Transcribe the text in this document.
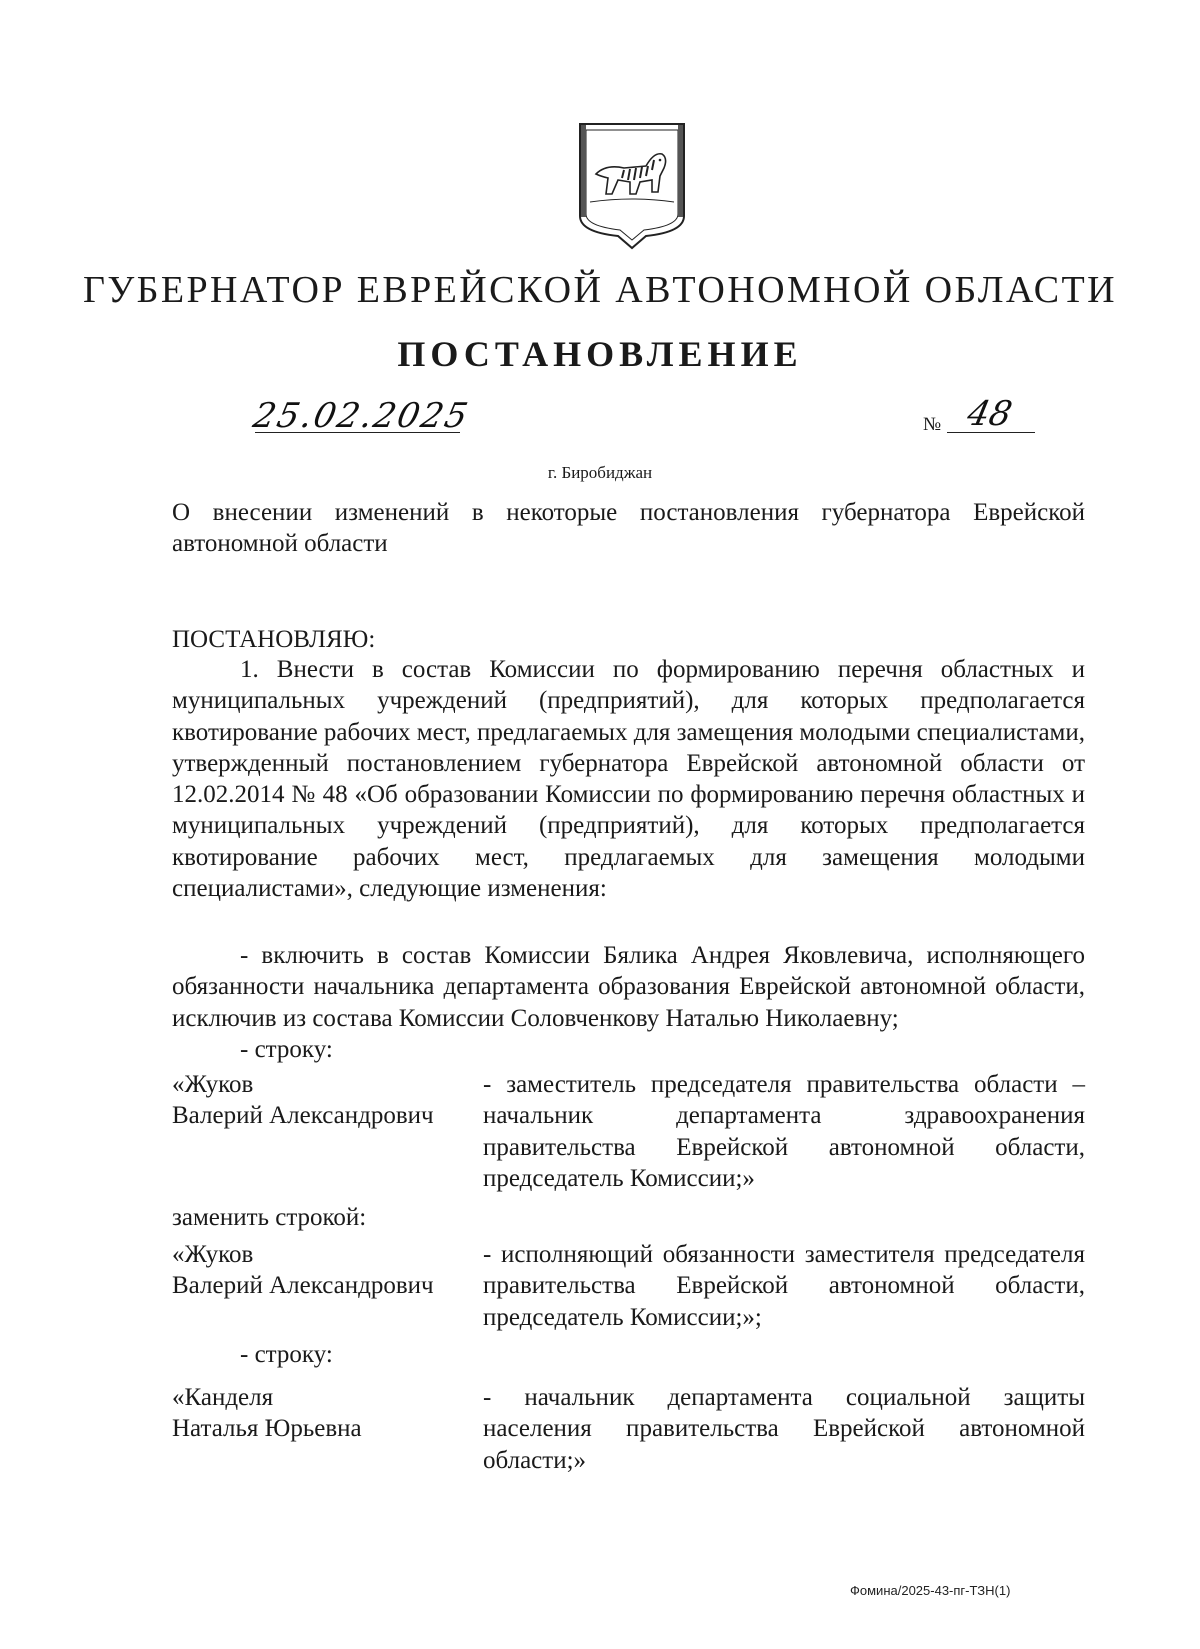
ГУБЕРНАТОР ЕВРЕЙСКОЙ АВТОНОМНОЙ ОБЛАСТИ
ПОСТАНОВЛЕНИЕ
25.02.2025	№ 48
г. Биробиджан
О внесении изменений в некоторые постановления губернатора Еврейской автономной области
ПОСТАНОВЛЯЮ:
1. Внести в состав Комиссии по формированию перечня областных и муниципальных учреждений (предприятий), для которых предполагается квотирование рабочих мест, предлагаемых для замещения молодыми специалистами, утвержденный постановлением губернатора Еврейской автономной области от 12.02.2014 № 48 «Об образовании Комиссии по формированию перечня областных и муниципальных учреждений (предприятий), для которых предполагается квотирование рабочих мест, предлагаемых для замещения молодыми специалистами», следующие изменения:
- включить в состав Комиссии Бялика Андрея Яковлевича, исполняющего обязанности начальника департамента образования Еврейской автономной области, исключив из состава Комиссии Соловченкову Наталью Николаевну;
- строку:
«Жуков
Валерий Александрович
- заместитель председателя правительства области – начальник департамента здравоохранения правительства Еврейской автономной области, председатель Комиссии;»
заменить строкой:
«Жуков
Валерий Александрович
- исполняющий обязанности заместителя председателя правительства Еврейской автономной области, председатель Комиссии;»;
- строку:
«Канделя
Наталья Юрьевна
- начальник департамента социальной защиты населения правительства Еврейской автономной области;»
Фомина/2025-43-пг-ТЗН(1)
